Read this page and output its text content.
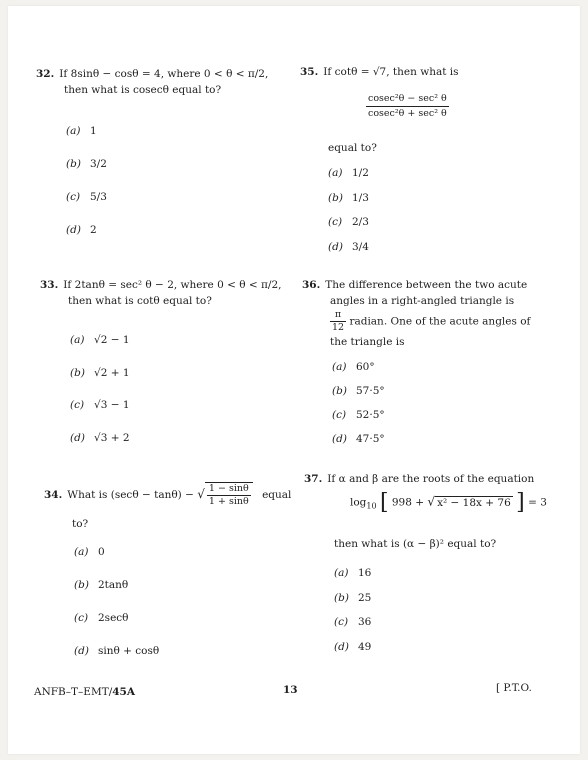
32. If 8sinθ − cosθ = 4, where 0 < θ < π/2,
then what is cosecθ equal to?
(a) 1
(b) 3/2
(c) 5/3
(d) 2
33. If 2tanθ = sec² θ − 2, where 0 < θ < π/2,
then what is cotθ equal to?
(a) √2 − 1
(b) √2 + 1
(c) √3 − 1
(d) √3 + 2
34. What is (secθ − tanθ) − √ $\frac{1 - \sin\theta}{1 + \sin\theta}$ equal
to?
(a) 0
(b) 2tanθ
(c) 2secθ
(d) sinθ + cosθ
35. If cotθ = √7, then what is
cosec²θ − sec² θ
cosec²θ + sec² θ
equal to?
(a) 1/2
(b) 1/3
(c) 2/3
(d) 3/4
36. The difference between the two acute
angles in a right-angled triangle is
$\frac{\pi}{12}$ radian. One of the acute angles of
the triangle is
(a) 60°
(b) 57·5°
(c) 52·5°
(d) 47·5°
37. If α and β are the roots of the equation
$\log_{10}$ [ 998 + √ x² − 18x + 76 ] = 3
then what is (α − β)² equal to?
(a) 16
(b) 25
(c) 36
(d) 49
ANFB–T–EMT/45A	13	[ P.T.O.
